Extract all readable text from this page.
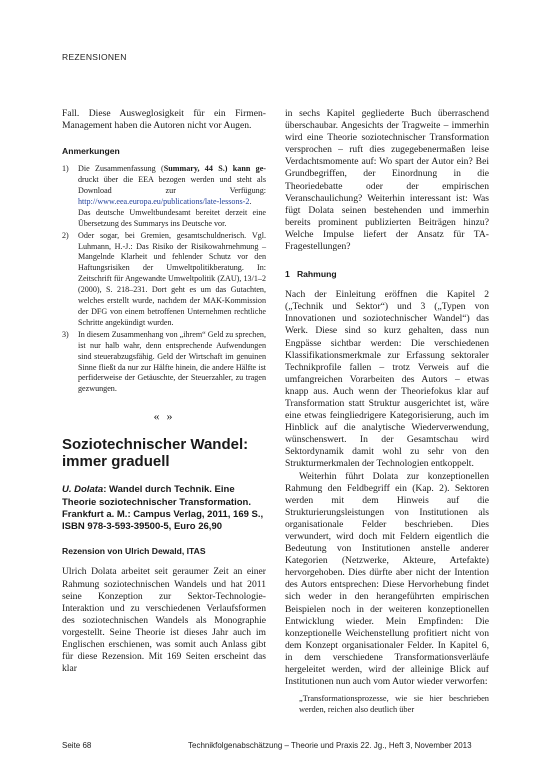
REZENSIONEN

Fall. Diese Ausweglosigkeit für ein Firmen-Management haben die Autoren nicht vor Augen.

Anmerkungen
1)	Die Zusammenfassung (Summary, 44 S.) kann ge- druckt über die EEA bezogen werden und steht als Download zur Verfügung: http://www.eea.europa.eu/publications/late-lessons-2. Das deutsche Umweltbundesamt bereitet derzeit eine Übersetzung des Summarys ins Deutsche vor.
2)	Oder sogar, bei Gremien, gesamtschuldnerisch. Vgl. Luhmann, H.-J.: Das Risiko der Risikowahrnehmung – Mangelnde Klarheit und fehlender Schutz vor den Haftungsrisiken der Umweltpolitikberatung. In: Zeitschrift für Angewandte Umweltpolitik (ZAU), 13/1–2 (2000), S. 218–231. Dort geht es um das Gutachten, welches erstellt wurde, nachdem der MAK-Kommission der DFG von einem betroffenen Unternehmen rechtliche Schritte angekündigt wurden.
3)	In diesem Zusammenhang von „ihrem“ Geld zu sprechen, ist nur halb wahr, denn entsprechende Aufwendungen sind steuerabzugsfähig. Geld der Wirtschaft im genuinen Sinne fließt da nur zur Hälfte hinein, die andere Hälfte ist perfiderweise der Getäuschte, der Steuerzahler, zu tragen gezwungen.
« »
Soziotechnischer Wandel: immer graduell
U. Dolata: Wandel durch Technik. Eine Theorie soziotechnischer Transformation. Frankfurt a. M.: Campus Verlag, 2011, 169 S., ISBN 978-3-593-39500-5, Euro 26,90
Rezension von Ulrich Dewald, ITAS

Ulrich Dolata arbeitet seit geraumer Zeit an einer Rahmung soziotechnischen Wandels und hat 2011 seine Konzeption zur Sektor-Technologie-Interaktion und zu verschiedenen Verlaufsformen des soziotechnischen Wandels als Monographie vorgestellt. Seine Theorie ist dieses Jahr auch im Englischen erschienen, was somit auch Anlass gibt für diese Rezension. Mit 169 Seiten erscheint das klar

in sechs Kapitel gegliederte Buch überraschend überschaubar. Angesichts der Tragweite – immerhin wird eine Theorie soziotechnischer Transformation versprochen – ruft dies zugegebenermaßen leise Verdachtsmomente auf: Wo spart der Autor ein? Bei Grundbegriffen, der Einordnung in die Theoriedebatte oder der empirischen Veranschaulichung? Weiterhin interessant ist: Was fügt Dolata seinen bestehenden und immerhin bereits prominent publizierten Beiträgen hinzu? Welche Impulse liefert der Ansatz für TA-Fragestellungen?

1   Rahmung

Nach der Einleitung eröffnen die Kapitel 2 („Technik und Sektor“) und 3 („Typen von Innovationen und soziotechnischer Wandel“) das Werk. Diese sind so kurz gehalten, dass nun Engpässe sichtbar werden: Die verschiedenen Klassifikationsmerkmale zur Erfassung sektoraler Technikprofile fallen – trotz Verweis auf die umfangreichen Vorarbeiten des Autors – etwas knapp aus. Auch wenn der Theoriefokus klar auf Transformation statt Struktur ausgerichtet ist, wäre eine etwas feingliedrigere Kategorisierung, auch im Hinblick auf die analytische Wiederverwendung, wünschenswert. In der Gesamtschau wird Sektordynamik damit wohl zu sehr von den Strukturmerkmalen der Technologien entkoppelt.

Weiterhin führt Dolata zur konzeptionellen Rahmung den Feldbegriff ein (Kap. 2). Sektoren werden mit dem Hinweis auf die Strukturierungsleistungen von Institutionen als organisationale Felder beschrieben. Dies verwundert, wird doch mit Feldern eigentlich die Bedeutung von Institutionen anstelle anderer Kategorien (Netzwerke, Akteure, Artefakte) hervorgehoben. Dies dürfte aber nicht der Intention des Autors entsprechen: Diese Hervorhebung findet sich weder in den herangeführten empirischen Beispielen noch in der weiteren konzeptionellen Entwicklung wieder. Mein Empfinden: Die konzeptionelle Weichenstellung profitiert nicht von dem Konzept organisationaler Felder. In Kapitel 6, in dem verschiedene Transformationsverläufe hergeleitet werden, wird der alleinige Blick auf Institutionen nun auch vom Autor wieder verworfen:

„Transformationsprozesse, wie sie hier beschrieben werden, reichen also deutlich über

Seite 68	Technikfolgenabschätzung – Theorie und Praxis 22. Jg., Heft 3, November 2013
